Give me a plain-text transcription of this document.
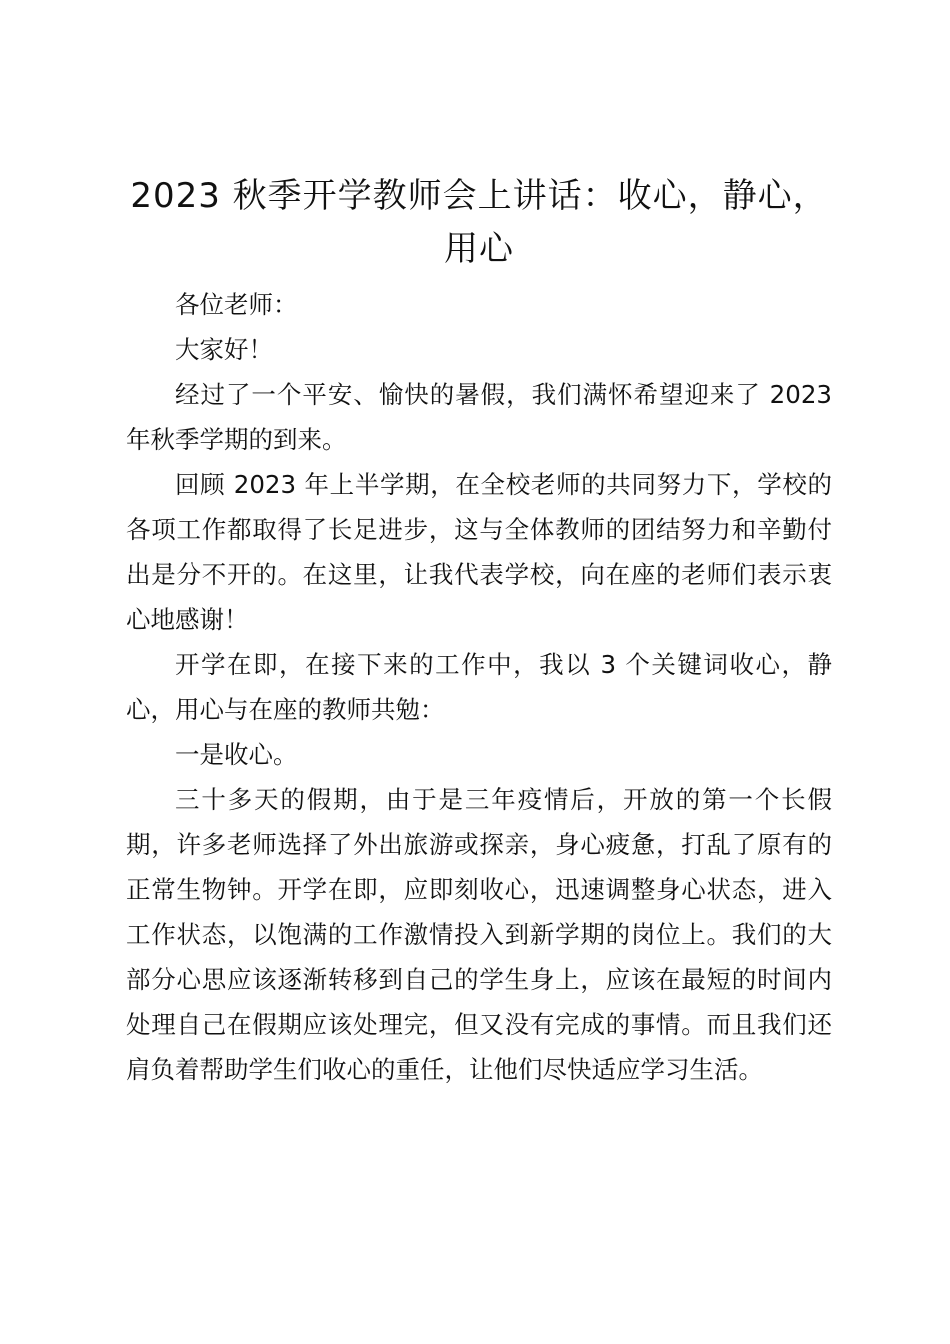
2023 秋季开学教师会上讲话：收心，静心，用心

各位老师：

大家好！

经过了一个平安、愉快的暑假，我们满怀希望迎来了 2023 年秋季学期的到来。

回顾 2023 年上半学期，在全校老师的共同努力下，学校的各项工作都取得了长足进步，这与全体教师的团结努力和辛勤付出是分不开的。在这里，让我代表学校，向在座的老师们表示衷心地感谢！

开学在即，在接下来的工作中，我以 3 个关键词收心，静心，用心与在座的教师共勉：

一是收心。

三十多天的假期，由于是三年疫情后，开放的第一个长假期，许多老师选择了外出旅游或探亲，身心疲惫，打乱了原有的正常生物钟。开学在即，应即刻收心，迅速调整身心状态，进入工作状态，以饱满的工作激情投入到新学期的岗位上。我们的大部分心思应该逐渐转移到自己的学生身上，应该在最短的时间内处理自己在假期应该处理完，但又没有完成的事情。而且我们还肩负着帮助学生们收心的重任，让他们尽快适应学习生活。
